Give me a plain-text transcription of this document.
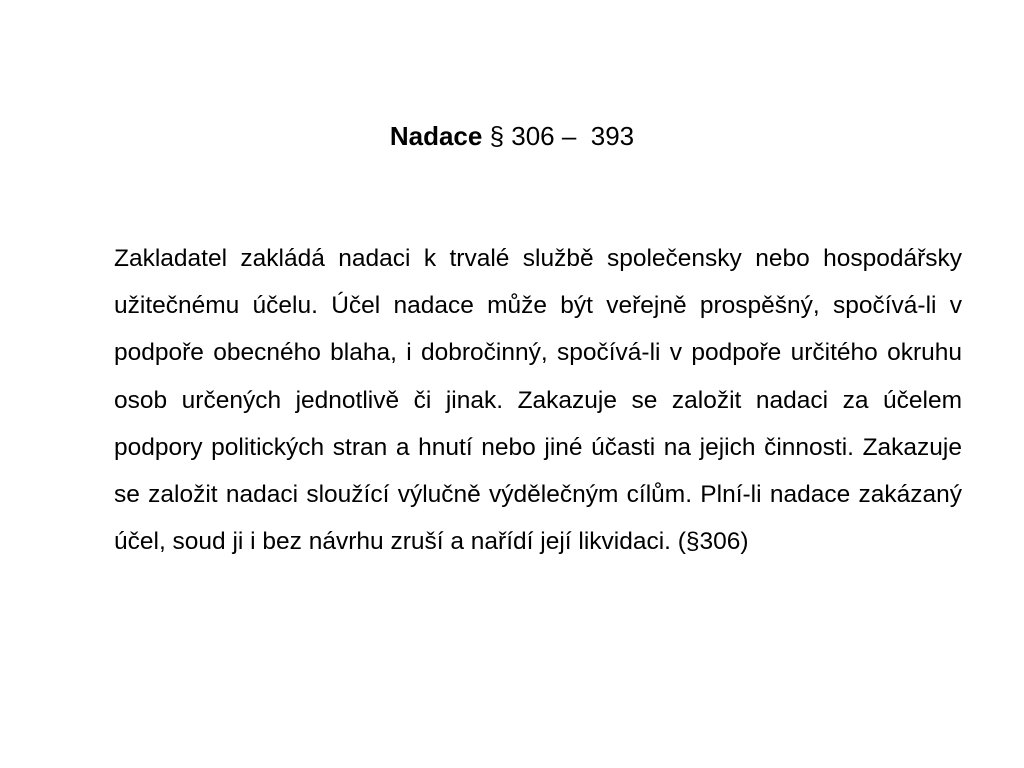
Nadace § 306 –  393

Zakladatel zakládá nadaci k trvalé službě společensky nebo hospodářsky užitečnému účelu. Účel nadace může být veřejně prospěšný, spočívá-li v podpoře obecného blaha, i dobročinný, spočívá-li v podpoře určitého okruhu osob určených jednotlivě či jinak. Zakazuje se založit nadaci za účelem podpory politických stran a hnutí nebo jiné účasti na jejich činnosti. Zakazuje se založit nadaci sloužící výlučně výdělečným cílům. Plní-li nadace zakázaný účel, soud ji i bez návrhu zruší a nařídí její likvidaci. (§306)
